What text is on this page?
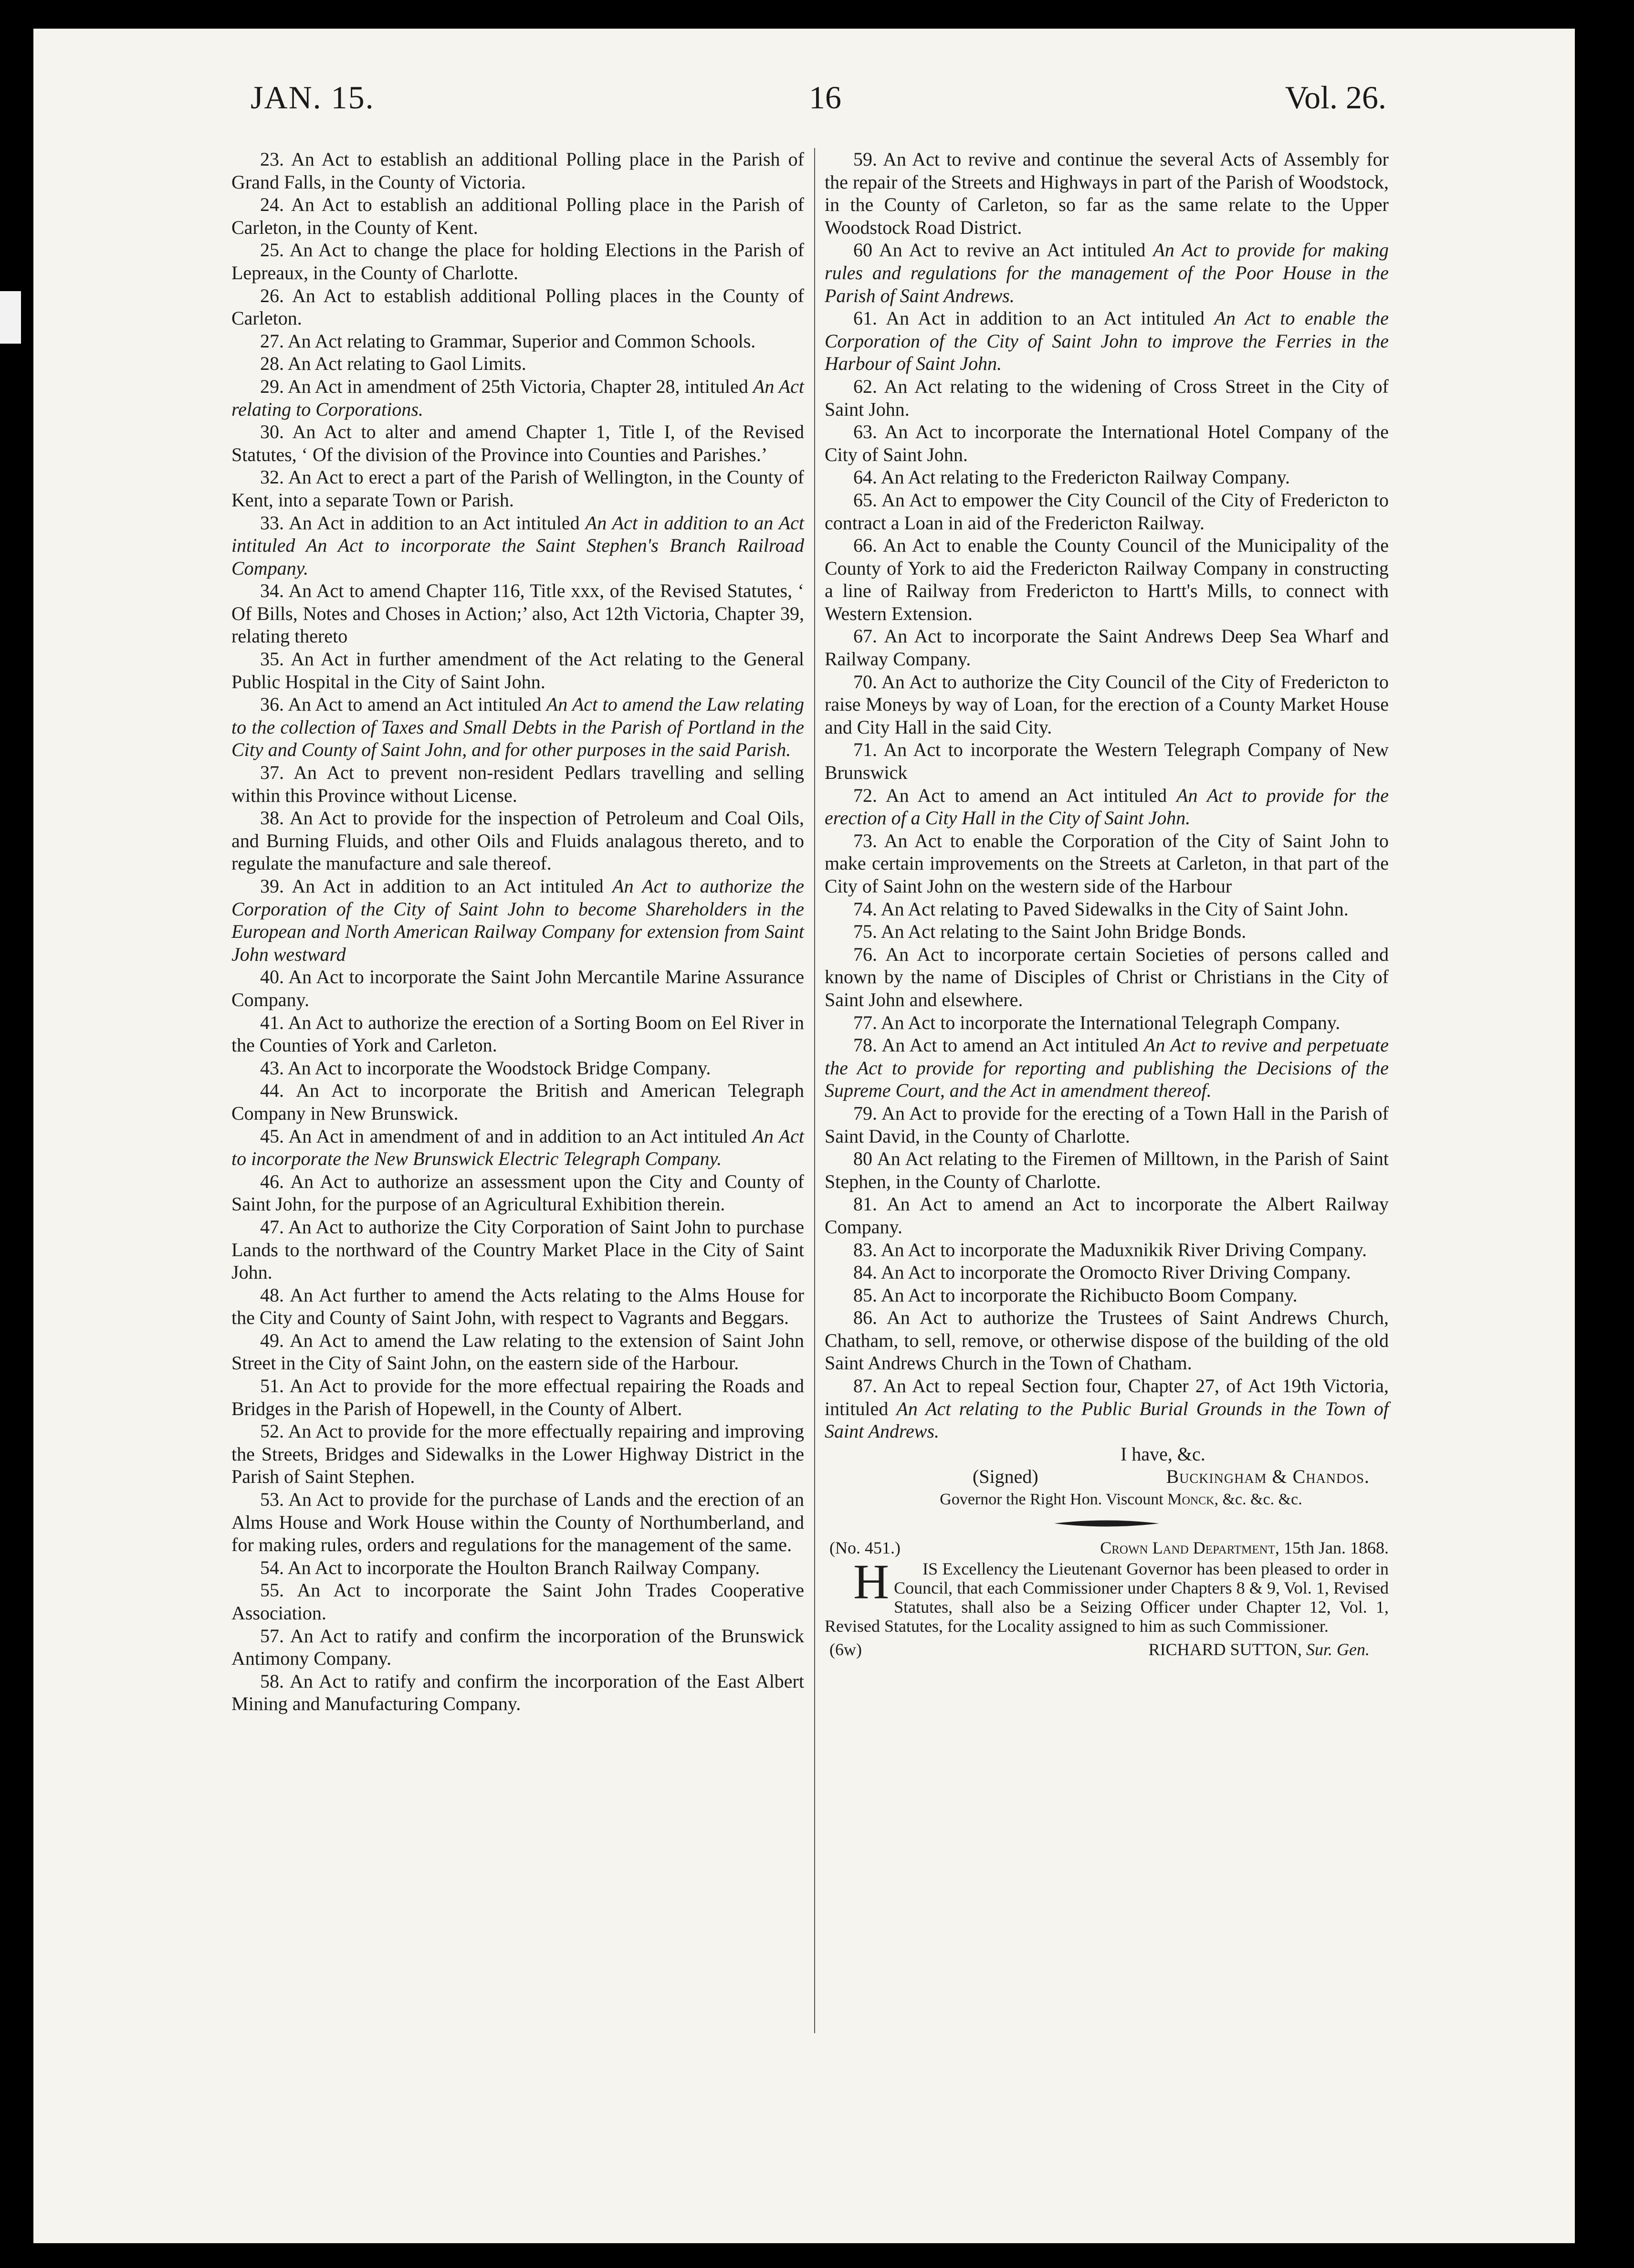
JAN. 15.	16	Vol. 26.

23. An Act to establish an additional Polling place in the Parish of Grand Falls, in the County of Victoria.

24. An Act to establish an additional Polling place in the Parish of Carleton, in the County of Kent.

25. An Act to change the place for holding Elections in the Parish of Lepreaux, in the County of Charlotte.

26. An Act to establish additional Polling places in the County of Carleton.

27. An Act relating to Grammar, Superior and Common Schools.

28. An Act relating to Gaol Limits.

29. An Act in amendment of 25th Victoria, Chapter 28, intituled An Act relating to Corporations.

30. An Act to alter and amend Chapter 1, Title I, of the Revised Statutes, ‘ Of the division of the Province into Counties and Parishes.’

32. An Act to erect a part of the Parish of Wellington, in the County of Kent, into a separate Town or Parish.

33. An Act in addition to an Act intituled An Act in addition to an Act intituled An Act to incorporate the Saint Stephen's Branch Railroad Company.

34. An Act to amend Chapter 116, Title xxx, of the Revised Statutes, ‘ Of Bills, Notes and Choses in Action;’ also, Act 12th Victoria, Chapter 39, relating thereto

35. An Act in further amendment of the Act relating to the General Public Hospital in the City of Saint John.

36. An Act to amend an Act intituled An Act to amend the Law relating to the collection of Taxes and Small Debts in the Parish of Portland in the City and County of Saint John, and for other purposes in the said Parish.

37. An Act to prevent non-resident Pedlars travelling and selling within this Province without License.

38. An Act to provide for the inspection of Petroleum and Coal Oils, and Burning Fluids, and other Oils and Fluids analagous thereto, and to regulate the manufacture and sale thereof.

39. An Act in addition to an Act intituled An Act to authorize the Corporation of the City of Saint John to become Shareholders in the European and North American Railway Company for extension from Saint John westward

40. An Act to incorporate the Saint John Mercantile Marine Assurance Company.

41. An Act to authorize the erection of a Sorting Boom on Eel River in the Counties of York and Carleton.

43. An Act to incorporate the Woodstock Bridge Company.

44. An Act to incorporate the British and American Telegraph Company in New Brunswick.

45. An Act in amendment of and in addition to an Act intituled An Act to incorporate the New Brunswick Electric Telegraph Company.

46. An Act to authorize an assessment upon the City and County of Saint John, for the purpose of an Agricultural Exhibition therein.

47. An Act to authorize the City Corporation of Saint John to purchase Lands to the northward of the Country Market Place in the City of Saint John.

48. An Act further to amend the Acts relating to the Alms House for the City and County of Saint John, with respect to Vagrants and Beggars.

49. An Act to amend the Law relating to the extension of Saint John Street in the City of Saint John, on the eastern side of the Harbour.

51. An Act to provide for the more effectual repairing the Roads and Bridges in the Parish of Hopewell, in the County of Albert.

52. An Act to provide for the more effectually repairing and improving the Streets, Bridges and Sidewalks in the Lower Highway District in the Parish of Saint Stephen.

53. An Act to provide for the purchase of Lands and the erection of an Alms House and Work House within the County of Northumberland, and for making rules, orders and regulations for the management of the same.

54. An Act to incorporate the Houlton Branch Railway Company.

55. An Act to incorporate the Saint John Trades Cooperative Association.

57. An Act to ratify and confirm the incorporation of the Brunswick Antimony Company.

58. An Act to ratify and confirm the incorporation of the East Albert Mining and Manufacturing Company.

59. An Act to revive and continue the several Acts of Assembly for the repair of the Streets and Highways in part of the Parish of Woodstock, in the County of Carleton, so far as the same relate to the Upper Woodstock Road District.

60 An Act to revive an Act intituled An Act to provide for making rules and regulations for the management of the Poor House in the Parish of Saint Andrews.

61. An Act in addition to an Act intituled An Act to enable the Corporation of the City of Saint John to improve the Ferries in the Harbour of Saint John.

62. An Act relating to the widening of Cross Street in the City of Saint John.

63. An Act to incorporate the International Hotel Company of the City of Saint John.

64. An Act relating to the Fredericton Railway Company.

65. An Act to empower the City Council of the City of Fredericton to contract a Loan in aid of the Fredericton Railway.

66. An Act to enable the County Council of the Municipality of the County of York to aid the Fredericton Railway Company in constructing a line of Railway from Fredericton to Hartt's Mills, to connect with Western Extension.

67. An Act to incorporate the Saint Andrews Deep Sea Wharf and Railway Company.

70. An Act to authorize the City Council of the City of Fredericton to raise Moneys by way of Loan, for the erection of a County Market House and City Hall in the said City.

71. An Act to incorporate the Western Telegraph Company of New Brunswick

72. An Act to amend an Act intituled An Act to provide for the erection of a City Hall in the City of Saint John.

73. An Act to enable the Corporation of the City of Saint John to make certain improvements on the Streets at Carleton, in that part of the City of Saint John on the western side of the Harbour

74. An Act relating to Paved Sidewalks in the City of Saint John.

75. An Act relating to the Saint John Bridge Bonds.

76. An Act to incorporate certain Societies of persons called and known by the name of Disciples of Christ or Christians in the City of Saint John and elsewhere.

77. An Act to incorporate the International Telegraph Company.

78. An Act to amend an Act intituled An Act to revive and perpetuate the Act to provide for reporting and publishing the Decisions of the Supreme Court, and the Act in amendment thereof.

79. An Act to provide for the erecting of a Town Hall in the Parish of Saint David, in the County of Charlotte.

80 An Act relating to the Firemen of Milltown, in the Parish of Saint Stephen, in the County of Charlotte.

81. An Act to amend an Act to incorporate the Albert Railway Company.

83. An Act to incorporate the Maduxnikik River Driving Company.

84. An Act to incorporate the Oromocto River Driving Company.

85. An Act to incorporate the Richibucto Boom Company.

86. An Act to authorize the Trustees of Saint Andrews Church, Chatham, to sell, remove, or otherwise dispose of the building of the old Saint Andrews Church in the Town of Chatham.

87. An Act to repeal Section four, Chapter 27, of Act 19th Victoria, intituled An Act relating to the Public Burial Grounds in the Town of Saint Andrews.

I have, &c.

(Signed)	Buckingham & Chandos.

Governor the Right Hon. Viscount Monck, &c. &c. &c.

(No. 451.)	Crown Land Department, 15th Jan. 1868.

H IS Excellency the Lieutenant Governor has been pleased to order in Council, that each Commissioner under Chapters 8 & 9, Vol. 1, Revised Statutes, shall also be a Seizing Officer under Chapter 12, Vol. 1, Revised Statutes, for the Locality assigned to him as such Commissioner.

(6w)	RICHARD SUTTON, Sur. Gen.
